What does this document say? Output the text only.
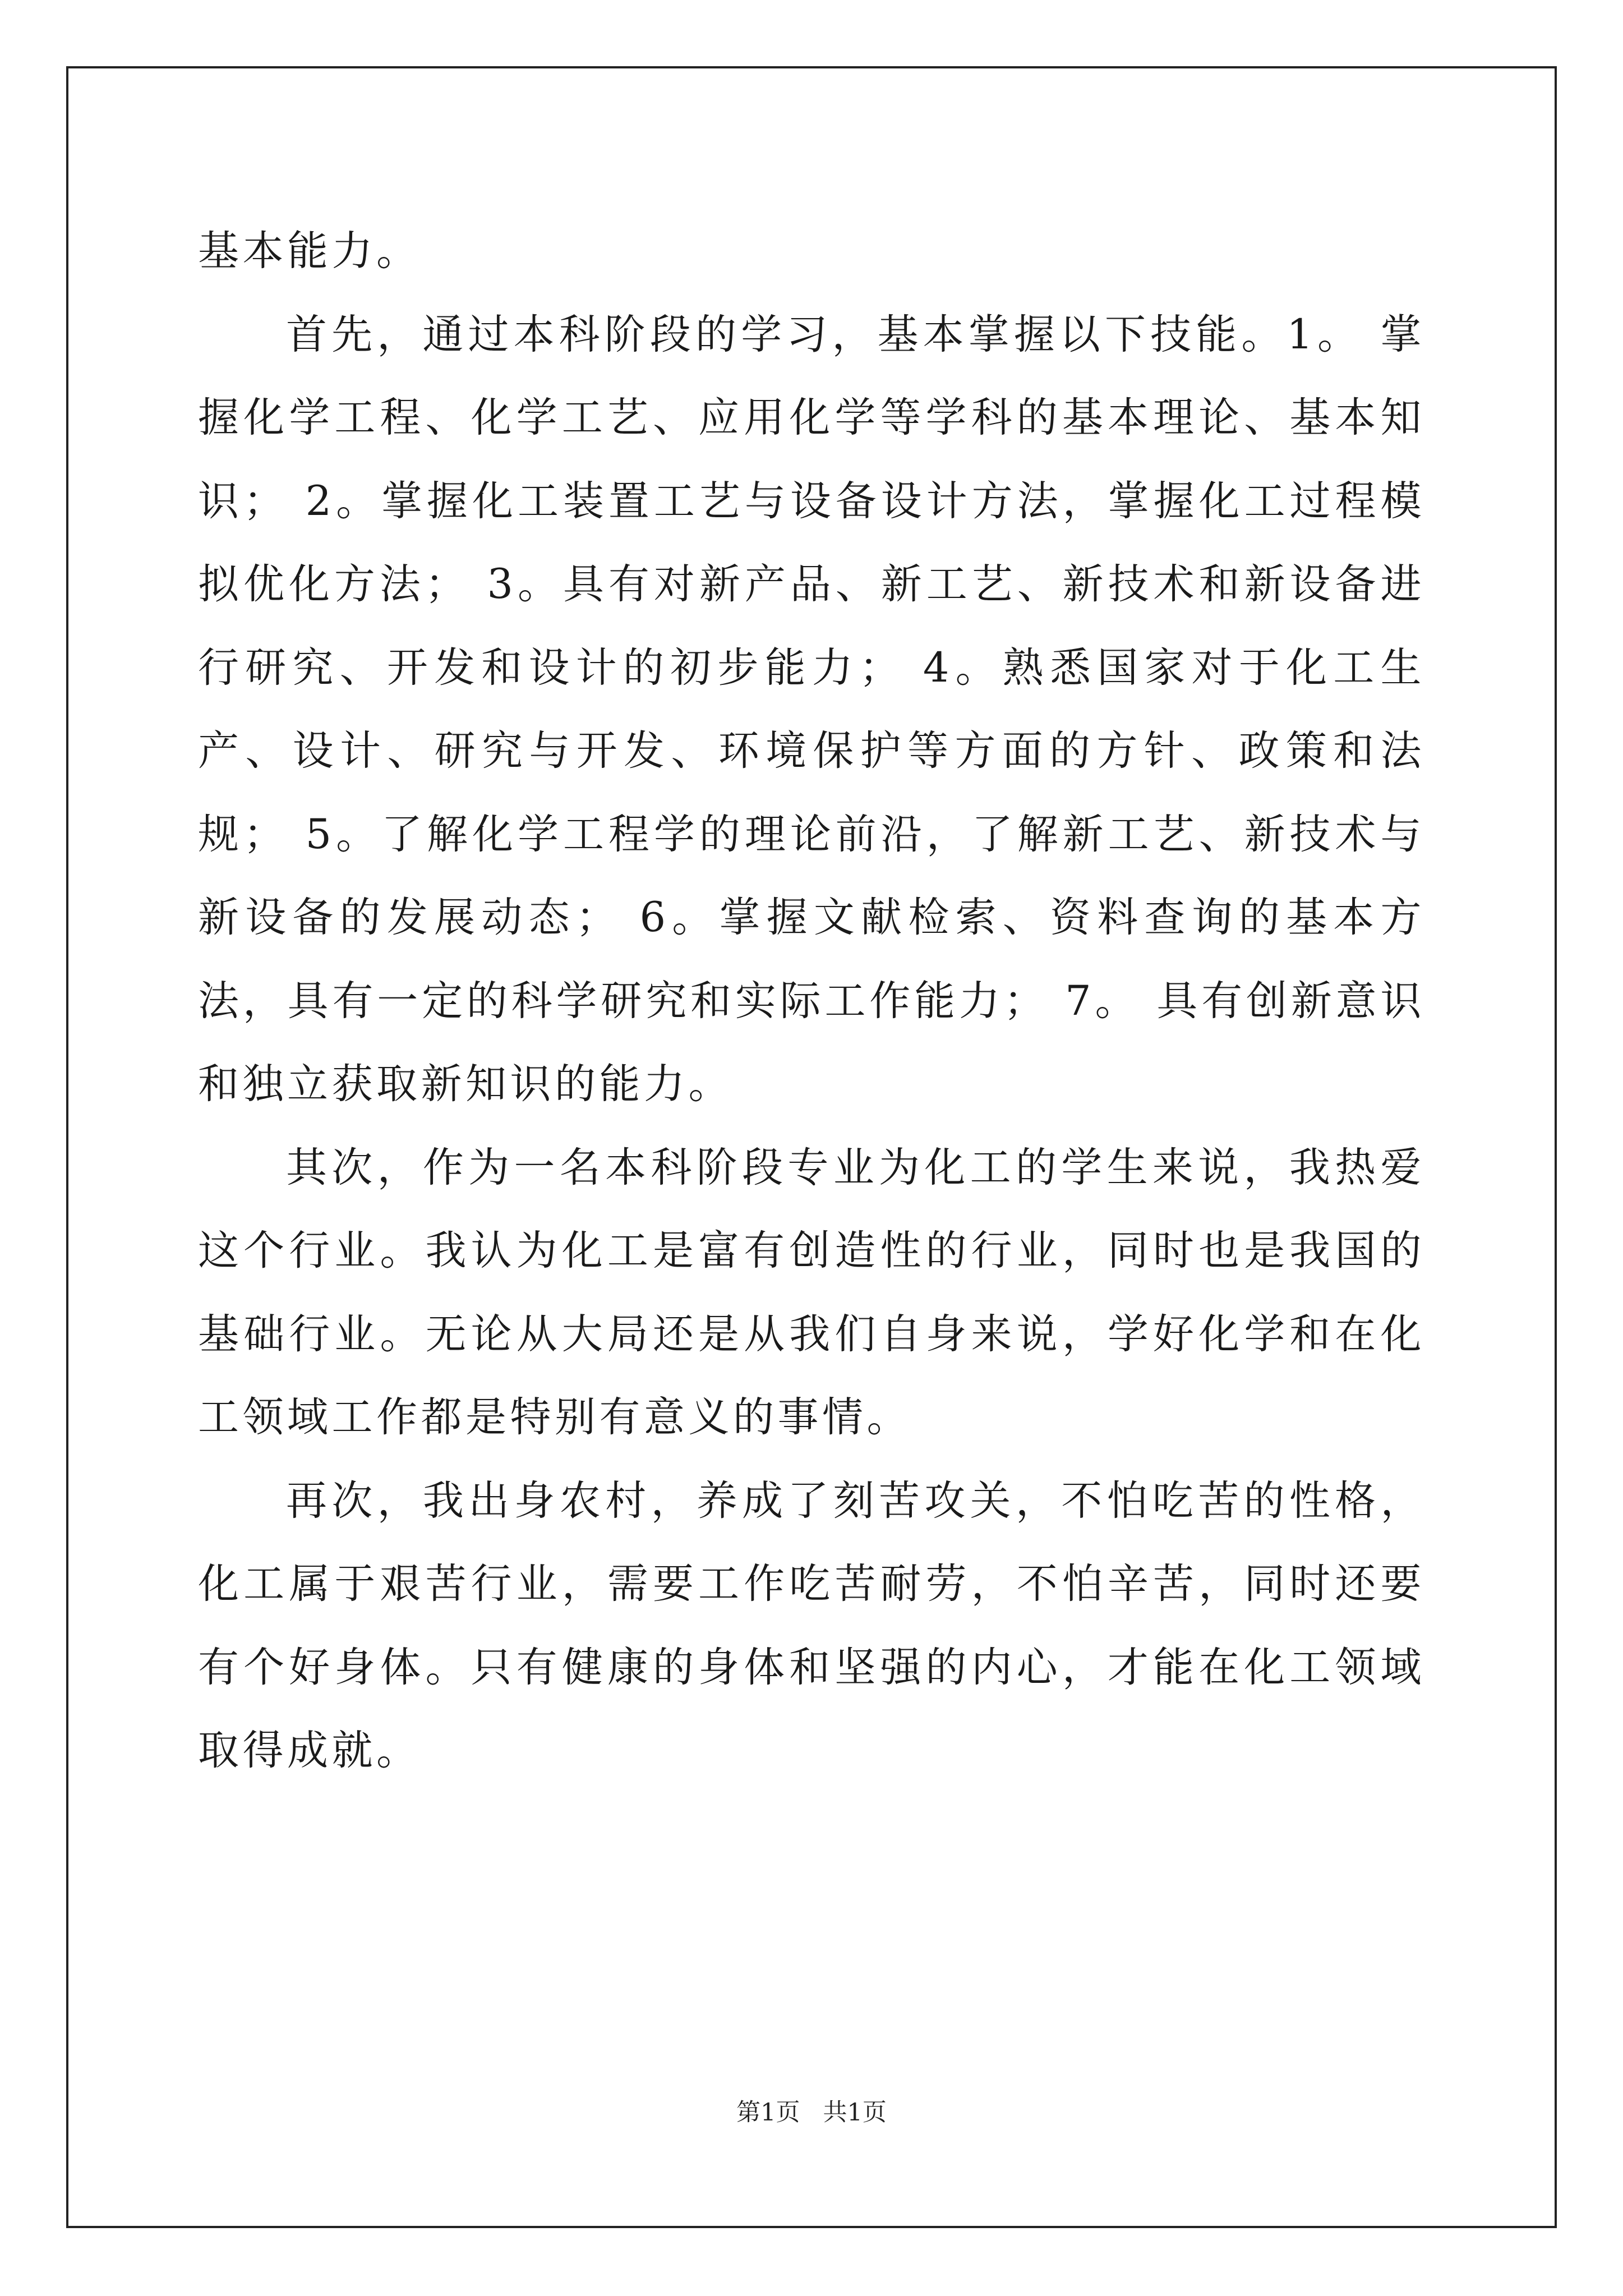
基本能力。

首先，通过本科阶段的学习，基本掌握以下技能。1。 掌握化学工程、化学工艺、应用化学等学科的基本理论、基本知识； 2。掌握化工装置工艺与设备设计方法，掌握化工过程模拟优化方法； 3。具有对新产品、新工艺、新技术和新设备进行研究、开发和设计的初步能力； 4。熟悉国家对于化工生产、设计、研究与开发、环境保护等方面的方针、政策和法规； 5。了解化学工程学的理论前沿，了解新工艺、新技术与新设备的发展动态； 6。掌握文献检索、资料查询的基本方法，具有一定的科学研究和实际工作能力； 7。 具有创新意识和独立获取新知识的能力。

其次，作为一名本科阶段专业为化工的学生来说，我热爱这个行业。我认为化工是富有创造性的行业，同时也是我国的基础行业。无论从大局还是从我们自身来说，学好化学和在化工领域工作都是特别有意义的事情。

再次，我出身农村，养成了刻苦攻关，不怕吃苦的性格，化工属于艰苦行业，需要工作吃苦耐劳，不怕辛苦，同时还要有个好身体。只有健康的身体和坚强的内心，才能在化工领域取得成就。

第1页 共1页
